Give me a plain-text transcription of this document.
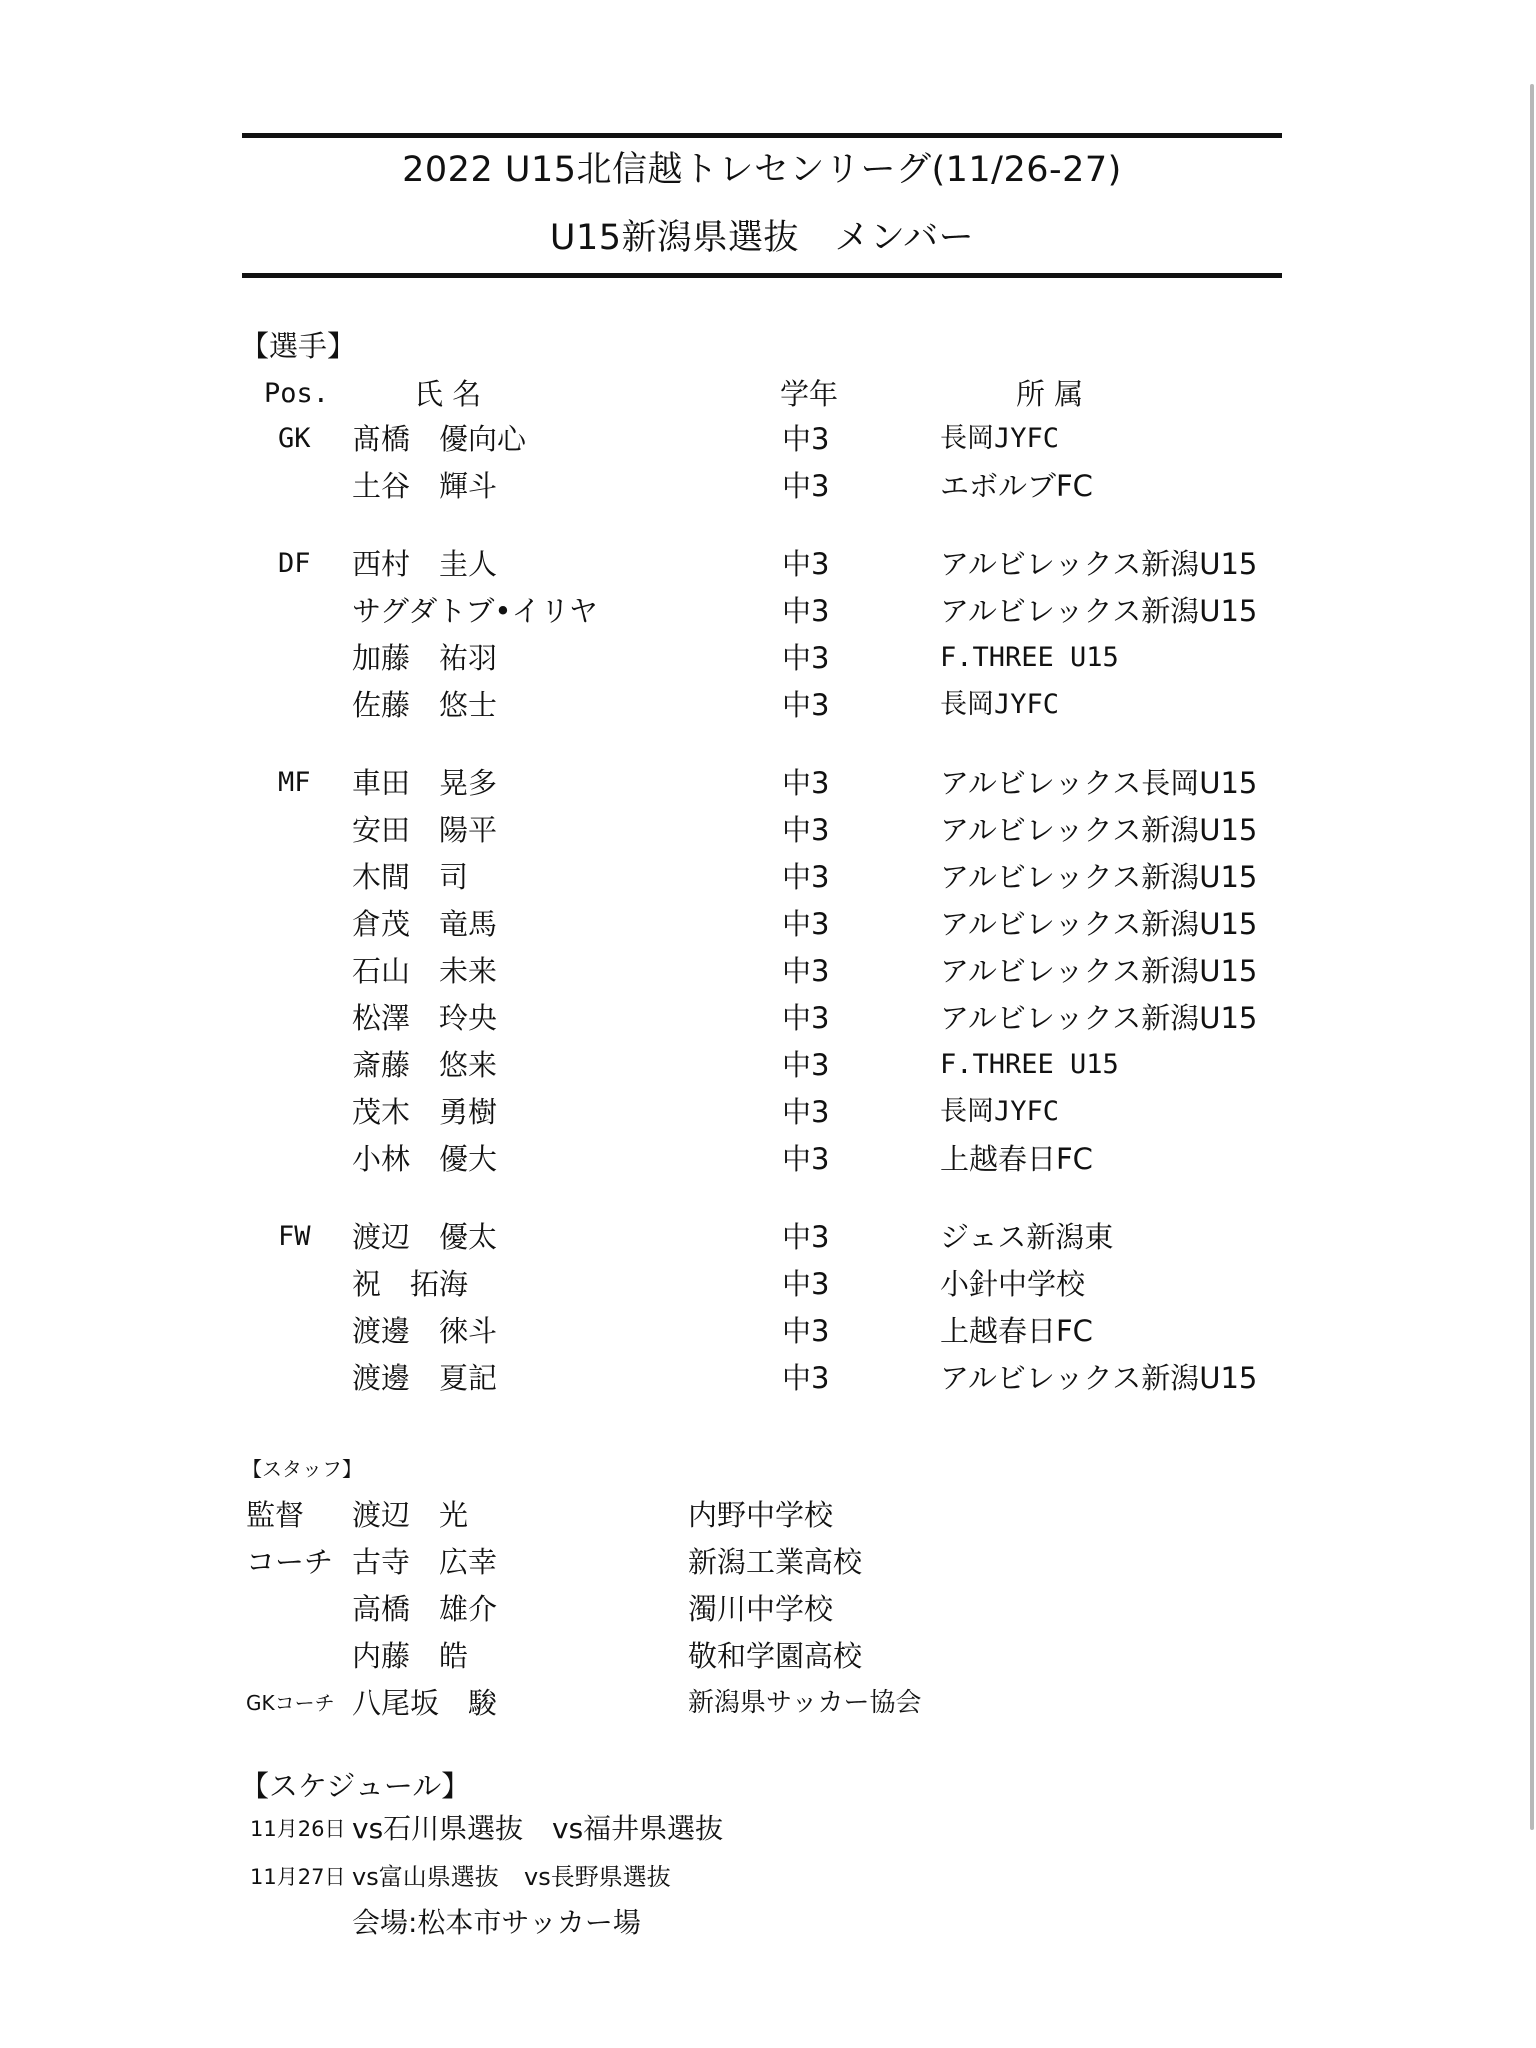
2022 U15北信越トレセンリーグ(11/26-27)
U15新潟県選抜　メンバー
【選手】
Pos.	氏 名	学年	所 属
GK 髙橋　優向心	中3	長岡JYFC
土谷　輝斗	中3	エボルブFC
DF 西村　圭人	中3	アルビレックス新潟U15
サグダトブ•イリヤ	中3	アルビレックス新潟U15
加藤　祐羽	中3	F.THREE U15
佐藤　悠士	中3	長岡JYFC
MF 車田　晃多	中3	アルビレックス長岡U15
安田　陽平	中3	アルビレックス新潟U15
木間　司	中3	アルビレックス新潟U15
倉茂　竜馬	中3	アルビレックス新潟U15
石山　未来	中3	アルビレックス新潟U15
松澤　玲央	中3	アルビレックス新潟U15
斎藤　悠来	中3	F.THREE U15
茂木　勇樹	中3	長岡JYFC
小林　優大	中3	上越春日FC
FW 渡辺　優太	中3	ジェス新潟東
祝　拓海	中3	小針中学校
渡邊　徠斗	中3	上越春日FC
渡邊　夏記	中3	アルビレックス新潟U15
【スタッフ】
監督 渡辺　光	内野中学校
コーチ 古寺　広幸	新潟工業高校
高橋　雄介	濁川中学校
内藤　皓	敬和学園高校
GKコーチ 八尾坂　駿	新潟県サッカー協会
【スケジュール】
11月26日 vs石川県選抜 vs福井県選抜
11月27日 vs富山県選抜 vs長野県選抜
会場:松本市サッカー場
